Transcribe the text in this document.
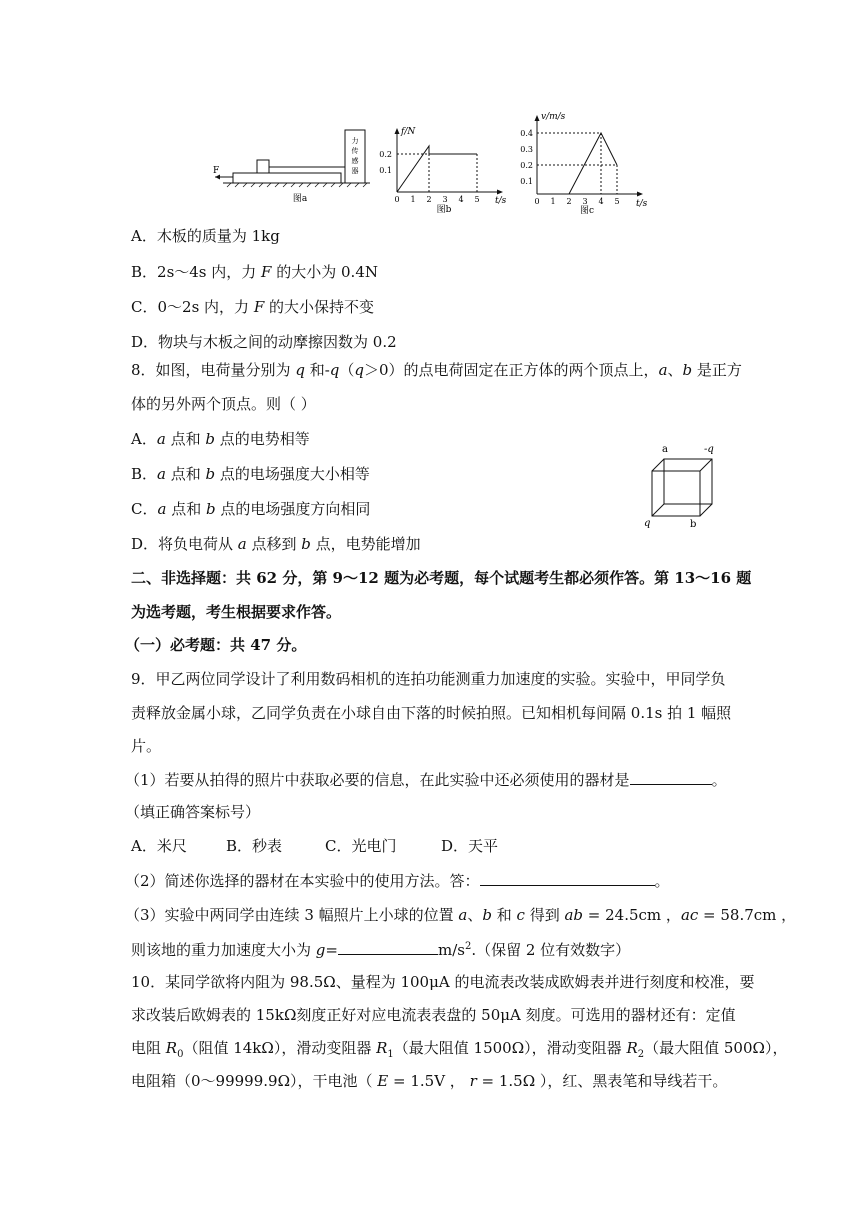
力
传
感
器
F
图a
f/N
t/s
0.2
0.1
0 1 2 3 4 5
图b
v/m/s
t/s
0.4
0.3
0.2
0.1
0 1 2 3 4 5
图c
a	-q
q	b
A．木板的质量为 1kg
B．2s～4s 内，力 F 的大小为 0.4N
C．0～2s 内，力 F 的大小保持不变
D．物块与木板之间的动摩擦因数为 0.2
8．如图，电荷量分别为 q 和-q（q＞0）的点电荷固定在正方体的两个顶点上，a、b 是正方
体的另外两个顶点。则（ ）
A．a 点和 b 点的电势相等
B．a 点和 b 点的电场强度大小相等
C．a 点和 b 点的电场强度方向相同
D．将负电荷从 a 点移到 b 点，电势能增加
二、非选择题：共 62 分，第 9～12 题为必考题，每个试题考生都必须作答。第 13～16 题
为选考题，考生根据要求作答。
（一）必考题：共 47 分。
9．甲乙两位同学设计了利用数码相机的连拍功能测重力加速度的实验。实验中，甲同学负
责释放金属小球，乙同学负责在小球自由下落的时候拍照。已知相机每间隔 0.1s 拍 1 幅照
片。
（1）若要从拍得的照片中获取必要的信息，在此实验中还必须使用的器材是	。
（填正确答案标号）
A．米尺	B．秒表	C．光电门	D．天平
（2）简述你选择的器材在本实验中的使用方法。答：	。
（3）实验中两同学由连续 3 幅照片上小球的位置 a、b 和 c 得到 ab = 24.5cm ，ac = 58.7cm ，
则该地的重力加速度大小为 g=	$m/s^2$.（保留 2 位有效数字）
10．某同学欲将内阻为 98.5Ω、量程为 100μA 的电流表改装成欧姆表并进行刻度和校准，要
求改装后欧姆表的 15kΩ刻度正好对应电流表表盘的 50μA 刻度。可选用的器材还有：定值
电阻 $R_0$（阻值 14kΩ），滑动变阻器 $R_1$（最大阻值 1500Ω），滑动变阻器 $R_2$（最大阻值 500Ω），
电阻箱（0～99999.9Ω），干电池（ E = 1.5V ， r = 1.5Ω ），红、黑表笔和导线若干。
